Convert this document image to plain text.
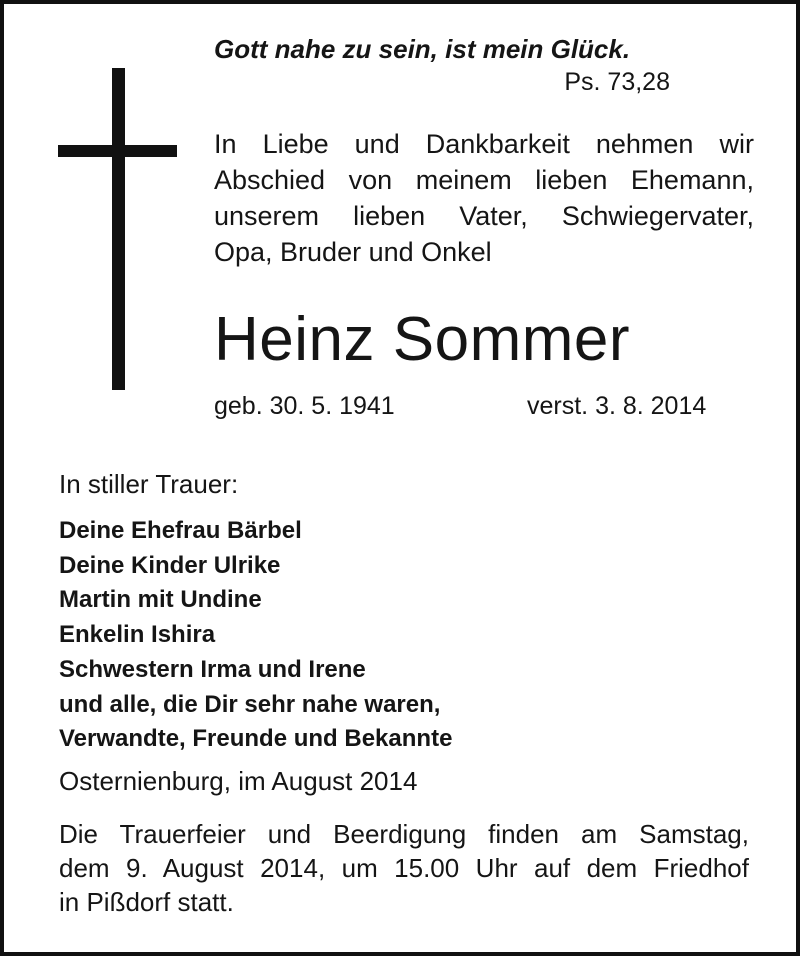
Gott nahe zu sein, ist mein Glück.
Ps. 73,28
In Liebe und Dankbarkeit nehmen wir
Abschied von meinem lieben Ehemann,
unserem lieben Vater, Schwiegervater,
Opa, Bruder und Onkel
Heinz Sommer
geb. 30. 5. 1941	verst. 3. 8. 2014
In stiller Trauer:
Deine Ehefrau Bärbel
Deine Kinder Ulrike
Martin mit Undine
Enkelin Ishira
Schwestern Irma und Irene
und alle, die Dir sehr nahe waren,
Verwandte, Freunde und Bekannte
Osternienburg, im August 2014
Die Trauerfeier und Beerdigung finden am Samstag,
dem 9. August 2014, um 15.00 Uhr auf dem Friedhof
in Pißdorf statt.
